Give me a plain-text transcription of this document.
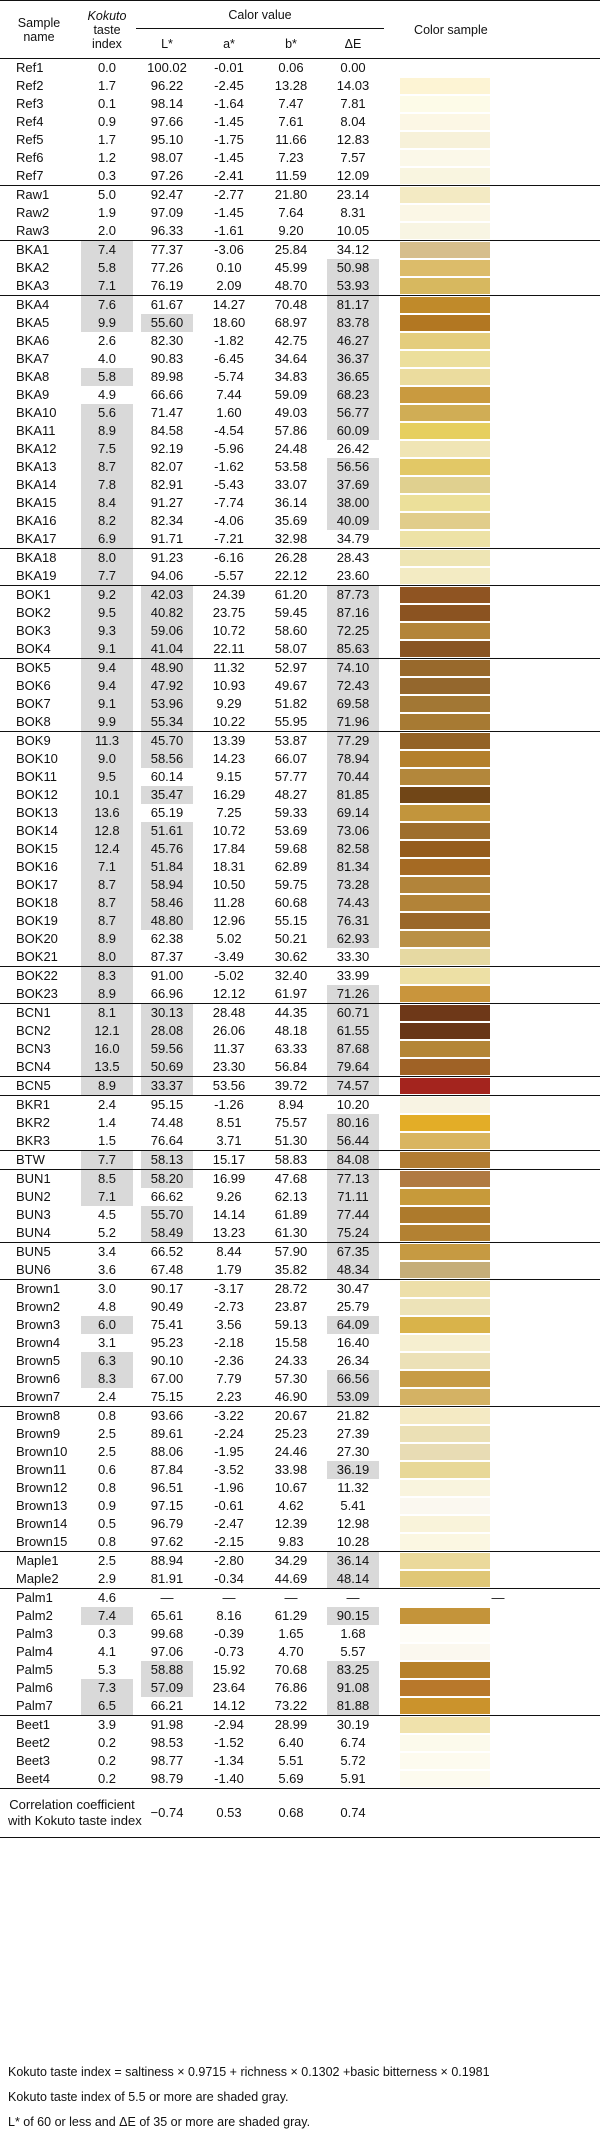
Sample name	Kokuto
taste index	Calor value					Color sample
		L*	a*	b*	ΔE		
Ref1	0.0	100.02	-0.01	0.06	0.00		

Ref2	1.7	96.22	-2.45	13.28	14.03		

Ref3	0.1	98.14	-1.64	7.47	7.81		

Ref4	0.9	97.66	-1.45	7.61	8.04		

Ref5	1.7	95.10	-1.75	11.66	12.83		

Ref6	1.2	98.07	-1.45	7.23	7.57		

Ref7	0.3	97.26	-2.41	11.59	12.09		

Raw1	5.0	92.47	-2.77	21.80	23.14		

Raw2	1.9	97.09	-1.45	7.64	8.31		

Raw3	2.0	96.33	-1.61	9.20	10.05		

BKA1	7.4	77.37	-3.06	25.84	34.12		

BKA2	5.8	77.26	0.10	45.99	50.98		

BKA3	7.1	76.19	2.09	48.70	53.93		

BKA4	7.6	61.67	14.27	70.48	81.17		

BKA5	9.9	55.60	18.60	68.97	83.78		

BKA6	2.6	82.30	-1.82	42.75	46.27		

BKA7	4.0	90.83	-6.45	34.64	36.37		

BKA8	5.8	89.98	-5.74	34.83	36.65		

BKA9	4.9	66.66	7.44	59.09	68.23		

BKA10	5.6	71.47	1.60	49.03	56.77		

BKA11	8.9	84.58	-4.54	57.86	60.09		

BKA12	7.5	92.19	-5.96	24.48	26.42		

BKA13	8.7	82.07	-1.62	53.58	56.56		

BKA14	7.8	82.91	-5.43	33.07	37.69		

BKA15	8.4	91.27	-7.74	36.14	38.00		

BKA16	8.2	82.34	-4.06	35.69	40.09		

BKA17	6.9	91.71	-7.21	32.98	34.79		

BKA18	8.0	91.23	-6.16	26.28	28.43		

BKA19	7.7	94.06	-5.57	22.12	23.60		

BOK1	9.2	42.03	24.39	61.20	87.73		

BOK2	9.5	40.82	23.75	59.45	87.16		

BOK3	9.3	59.06	10.72	58.60	72.25		

BOK4	9.1	41.04	22.11	58.07	85.63		

BOK5	9.4	48.90	11.32	52.97	74.10		

BOK6	9.4	47.92	10.93	49.67	72.43		

BOK7	9.1	53.96	9.29	51.82	69.58		

BOK8	9.9	55.34	10.22	55.95	71.96		

BOK9	11.3	45.70	13.39	53.87	77.29		

BOK10	9.0	58.56	14.23	66.07	78.94		

BOK11	9.5	60.14	9.15	57.77	70.44		

BOK12	10.1	35.47	16.29	48.27	81.85		

BOK13	13.6	65.19	7.25	59.33	69.14		

BOK14	12.8	51.61	10.72	53.69	73.06		

BOK15	12.4	45.76	17.84	59.68	82.58		

BOK16	7.1	51.84	18.31	62.89	81.34		

BOK17	8.7	58.94	10.50	59.75	73.28		

BOK18	8.7	58.46	11.28	60.68	74.43		

BOK19	8.7	48.80	12.96	55.15	76.31		

BOK20	8.9	62.38	5.02	50.21	62.93		

BOK21	8.0	87.37	-3.49	30.62	33.30		

BOK22	8.3	91.00	-5.02	32.40	33.99		

BOK23	8.9	66.96	12.12	61.97	71.26		

BCN1	8.1	30.13	28.48	44.35	60.71		

BCN2	12.1	28.08	26.06	48.18	61.55		

BCN3	16.0	59.56	11.37	63.33	87.68		

BCN4	13.5	50.69	23.30	56.84	79.64		

BCN5	8.9	33.37	53.56	39.72	74.57		

BKR1	2.4	95.15	-1.26	8.94	10.20		

BKR2	1.4	74.48	8.51	75.57	80.16		

BKR3	1.5	76.64	3.71	51.30	56.44		

BTW	7.7	58.13	15.17	58.83	84.08		

BUN1	8.5	58.20	16.99	47.68	77.13		

BUN2	7.1	66.62	9.26	62.13	71.11		

BUN3	4.5	55.70	14.14	61.89	77.44		

BUN4	5.2	58.49	13.23	61.30	75.24		

BUN5	3.4	66.52	8.44	57.90	67.35		

BUN6	3.6	67.48	1.79	35.82	48.34		

Brown1	3.0	90.17	-3.17	28.72	30.47		

Brown2	4.8	90.49	-2.73	23.87	25.79		

Brown3	6.0	75.41	3.56	59.13	64.09		

Brown4	3.1	95.23	-2.18	15.58	16.40		

Brown5	6.3	90.10	-2.36	24.33	26.34		

Brown6	8.3	67.00	7.79	57.30	66.56		

Brown7	2.4	75.15	2.23	46.90	53.09		

Brown8	0.8	93.66	-3.22	20.67	21.82		

Brown9	2.5	89.61	-2.24	25.23	27.39		

Brown10	2.5	88.06	-1.95	24.46	27.30		

Brown11	0.6	87.84	-3.52	33.98	36.19		

Brown12	0.8	96.51	-1.96	10.67	11.32		

Brown13	0.9	97.15	-0.61	4.62	5.41		

Brown14	0.5	96.79	-2.47	12.39	12.98		

Brown15	0.8	97.62	-2.15	9.83	10.28		

Maple1	2.5	88.94	-2.80	34.29	36.14		

Maple2	2.9	81.91	-0.34	44.69	48.14		

Palm1	4.6	—	—	—	—		—

Palm2	7.4	65.61	8.16	61.29	90.15		

Palm3	0.3	99.68	-0.39	1.65	1.68		

Palm4	4.1	97.06	-0.73	4.70	5.57		

Palm5	5.3	58.88	15.92	70.68	83.25		

Palm6	7.3	57.09	23.64	76.86	91.08		

Palm7	6.5	66.21	14.12	73.22	81.88		

Beet1	3.9	91.98	-2.94	28.99	30.19		

Beet2	0.2	98.53	-1.52	6.40	6.74		

Beet3	0.2	98.77	-1.34	5.51	5.72		

Beet4	0.2	98.79	-1.40	5.69	5.91		

Correlation coefficient
with Kokuto taste index		−0.74	0.53	0.68	0.74		
Kokuto taste index = saltiness × 0.9715 + richness × 0.1302 +basic bitterness × 0.1981
Kokuto taste index of 5.5 or more are shaded gray.
L* of 60 or less and ΔE of 35 or more are shaded gray.
